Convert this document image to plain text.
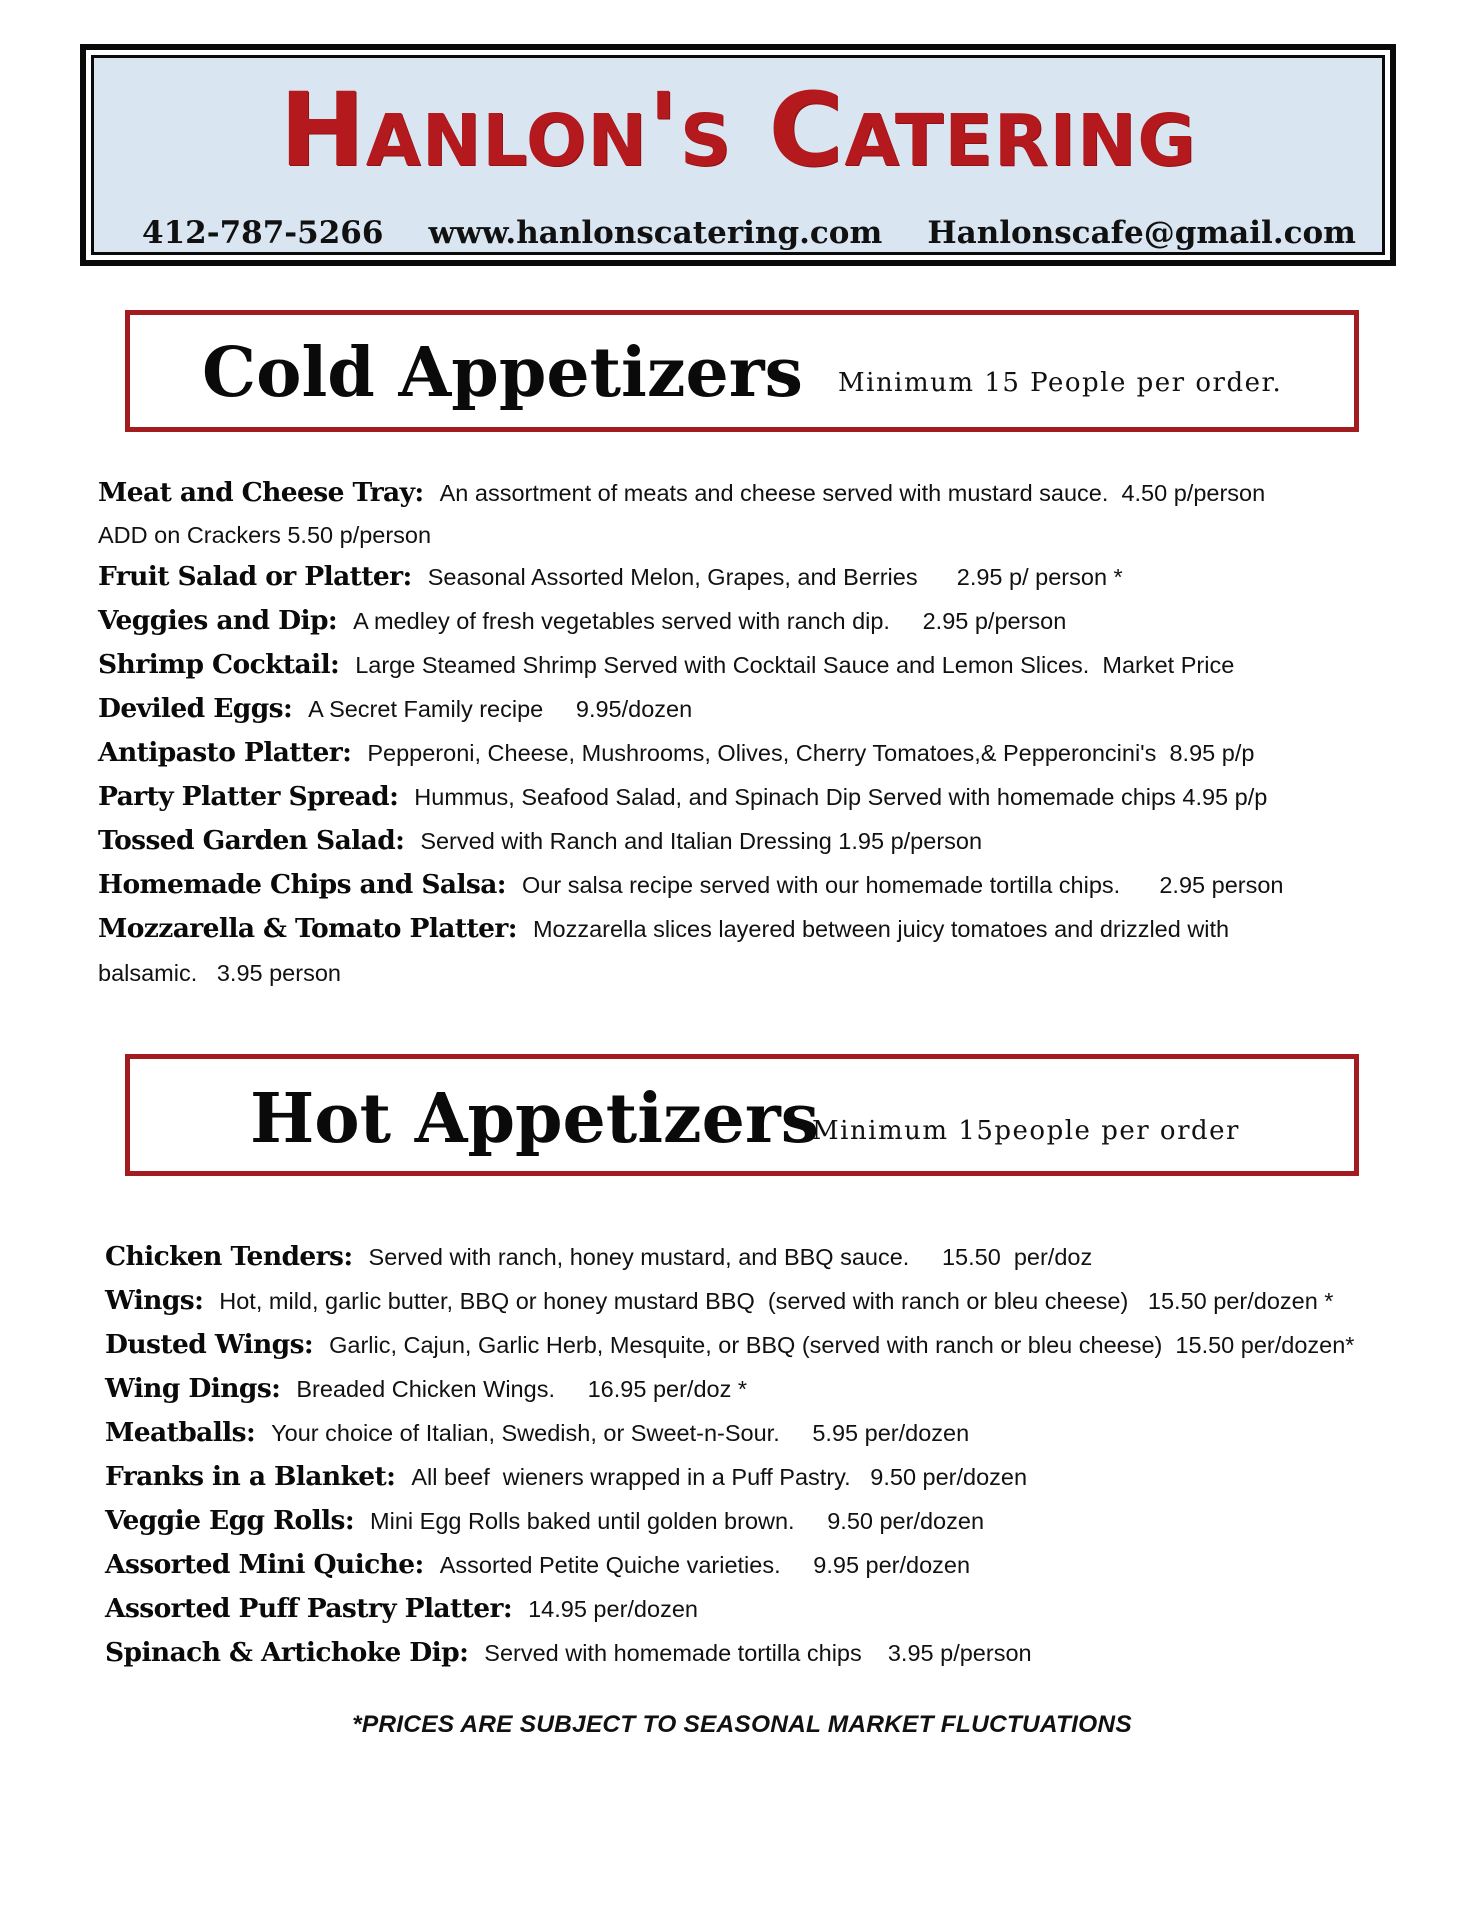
Hanlon's Catering
412-787-5266 www.hanlonscatering.com Hanlonscafe@gmail.com
Cold Appetizers Minimum 15 People per order.
Meat and Cheese Tray: An assortment of meats and cheese served with mustard sauce.  4.50 p/person
ADD on Crackers 5.50 p/person
Fruit Salad or Platter: Seasonal Assorted Melon, Grapes, and Berries      2.95 p/ person *
Veggies and Dip: A medley of fresh vegetables served with ranch dip.     2.95 p/person
Shrimp Cocktail: Large Steamed Shrimp Served with Cocktail Sauce and Lemon Slices.  Market Price
Deviled Eggs: A Secret Family recipe     9.95/dozen
Antipasto Platter: Pepperoni, Cheese, Mushrooms, Olives, Cherry Tomatoes,& Pepperoncini's  8.95 p/p
Party Platter Spread: Hummus, Seafood Salad, and Spinach Dip Served with homemade chips 4.95 p/p
Tossed Garden Salad: Served with Ranch and Italian Dressing 1.95 p/person
Homemade Chips and Salsa: Our salsa recipe served with our homemade tortilla chips.      2.95 person
Mozzarella & Tomato Platter: Mozzarella slices layered between juicy tomatoes and drizzled with
balsamic.   3.95 person
Hot Appetizers
Minimum 15people per order
Chicken Tenders: Served with ranch, honey mustard, and BBQ sauce.     15.50  per/doz
Wings: Hot, mild, garlic butter, BBQ or honey mustard BBQ  (served with ranch or bleu cheese)   15.50 per/dozen *
Dusted Wings: Garlic, Cajun, Garlic Herb, Mesquite, or BBQ (served with ranch or bleu cheese)  15.50 per/dozen*
Wing Dings: Breaded Chicken Wings.     16.95 per/doz *
Meatballs: Your choice of Italian, Swedish, or Sweet-n-Sour.     5.95 per/dozen
Franks in a Blanket: All beef  wieners wrapped in a Puff Pastry.   9.50 per/dozen
Veggie Egg Rolls: Mini Egg Rolls baked until golden brown.     9.50 per/dozen
Assorted Mini Quiche: Assorted Petite Quiche varieties.     9.95 per/dozen
Assorted Puff Pastry Platter: 14.95 per/dozen
Spinach & Artichoke Dip: Served with homemade tortilla chips    3.95 p/person
*PRICES ARE SUBJECT TO SEASONAL MARKET FLUCTUATIONS
